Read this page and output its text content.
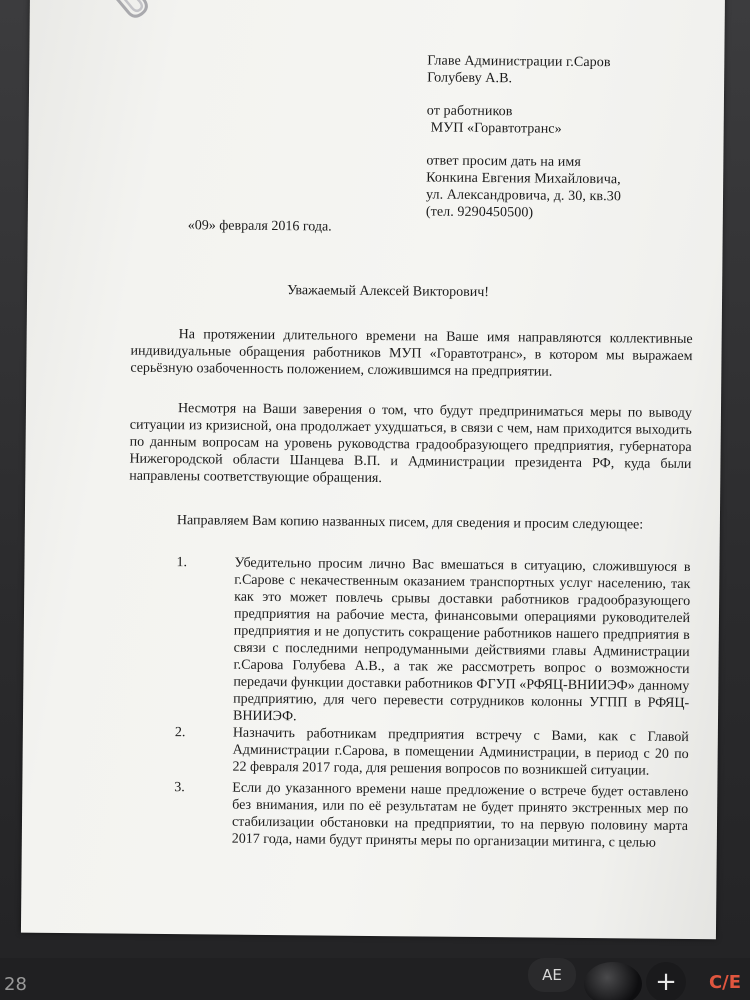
Главе Администрации г.Саров
Голубеву А.В.
от работников
МУП «Горавтотранс»
ответ просим дать на имя
Конкина Евгения Михайловича,
ул. Александровича, д. 30, кв.30
(тел. 9290450500)
«09» февраля 2016 года.
Уважаемый Алексей Викторович!
На протяжении длительного времени на Ваше имя направляются коллективные индивидуальные обращения работников МУП «Горавтотранс», в котором мы выражаем серьёзную озабоченность положением, сложившимся на предприятии.
Несмотря на Ваши заверения о том, что будут предприниматься меры по выводу ситуации из кризисной, она продолжает ухудшаться, в связи с чем, нам приходится выходить по данным вопросам на уровень руководства градообразующего предприятия, губернатора Нижегородской области Шанцева В.П. и Администрации президента РФ, куда были направлены соответствующие обращения.
Направляем Вам копию названных писем, для сведения и просим следующее:
1.	Убедительно просим лично Вас вмешаться в ситуацию, сложившуюся в г.Сарове с некачественным оказанием транспортных услуг населению, так как это может повлечь срывы доставки работников градообразующего предприятия на рабочие места, финансовыми операциями руководителей предприятия и не допустить сокращение работников нашего предприятия в связи с последними непродуманными действиями главы Администрации г.Сарова Голубева А.В., а так же рассмотреть вопрос о возможности передачи функции доставки работников ФГУП «РФЯЦ-ВНИИЭФ» данному предприятию, для чего перевести сотрудников колонны УГПП в РФЯЦ-ВНИИЭФ.
2.	Назначить работникам предприятия встречу с Вами, как с Главой Администрации г.Сарова, в помещении Администрации, в период с 20 по 22 февраля 2017 года, для решения вопросов по возникшей ситуации.
3.	Если до указанного времени наше предложение о встрече будет оставлено без внимания, или по её результатам не будет принято экстренных мер по стабилизации обстановки на предприятии, то на первую половину марта 2017 года, нами будут приняты меры по организации митинга, с целью
28	AE	+	C/E
